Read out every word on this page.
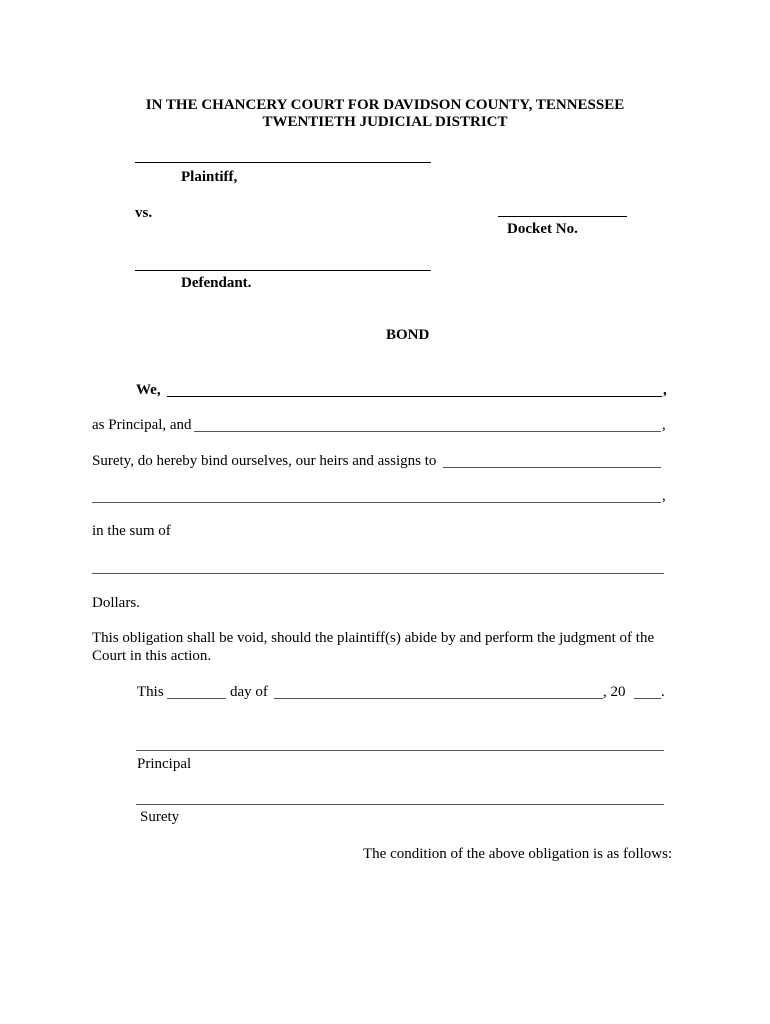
IN THE CHANCERY COURT FOR DAVIDSON COUNTY, TENNESSEE
TWENTIETH JUDICIAL DISTRICT
Plaintiff,
vs.
Docket No.
Defendant.
BOND
We,	,
as Principal, and	,
Surety, do hereby bind ourselves, our heirs and assigns to
,
in the sum of
Dollars.
This obligation shall be void, should the plaintiff(s) abide by and perform the judgment of the
Court in this action.
This	day of	, 20 .
Principal
Surety
The condition of the above obligation is as follows:
